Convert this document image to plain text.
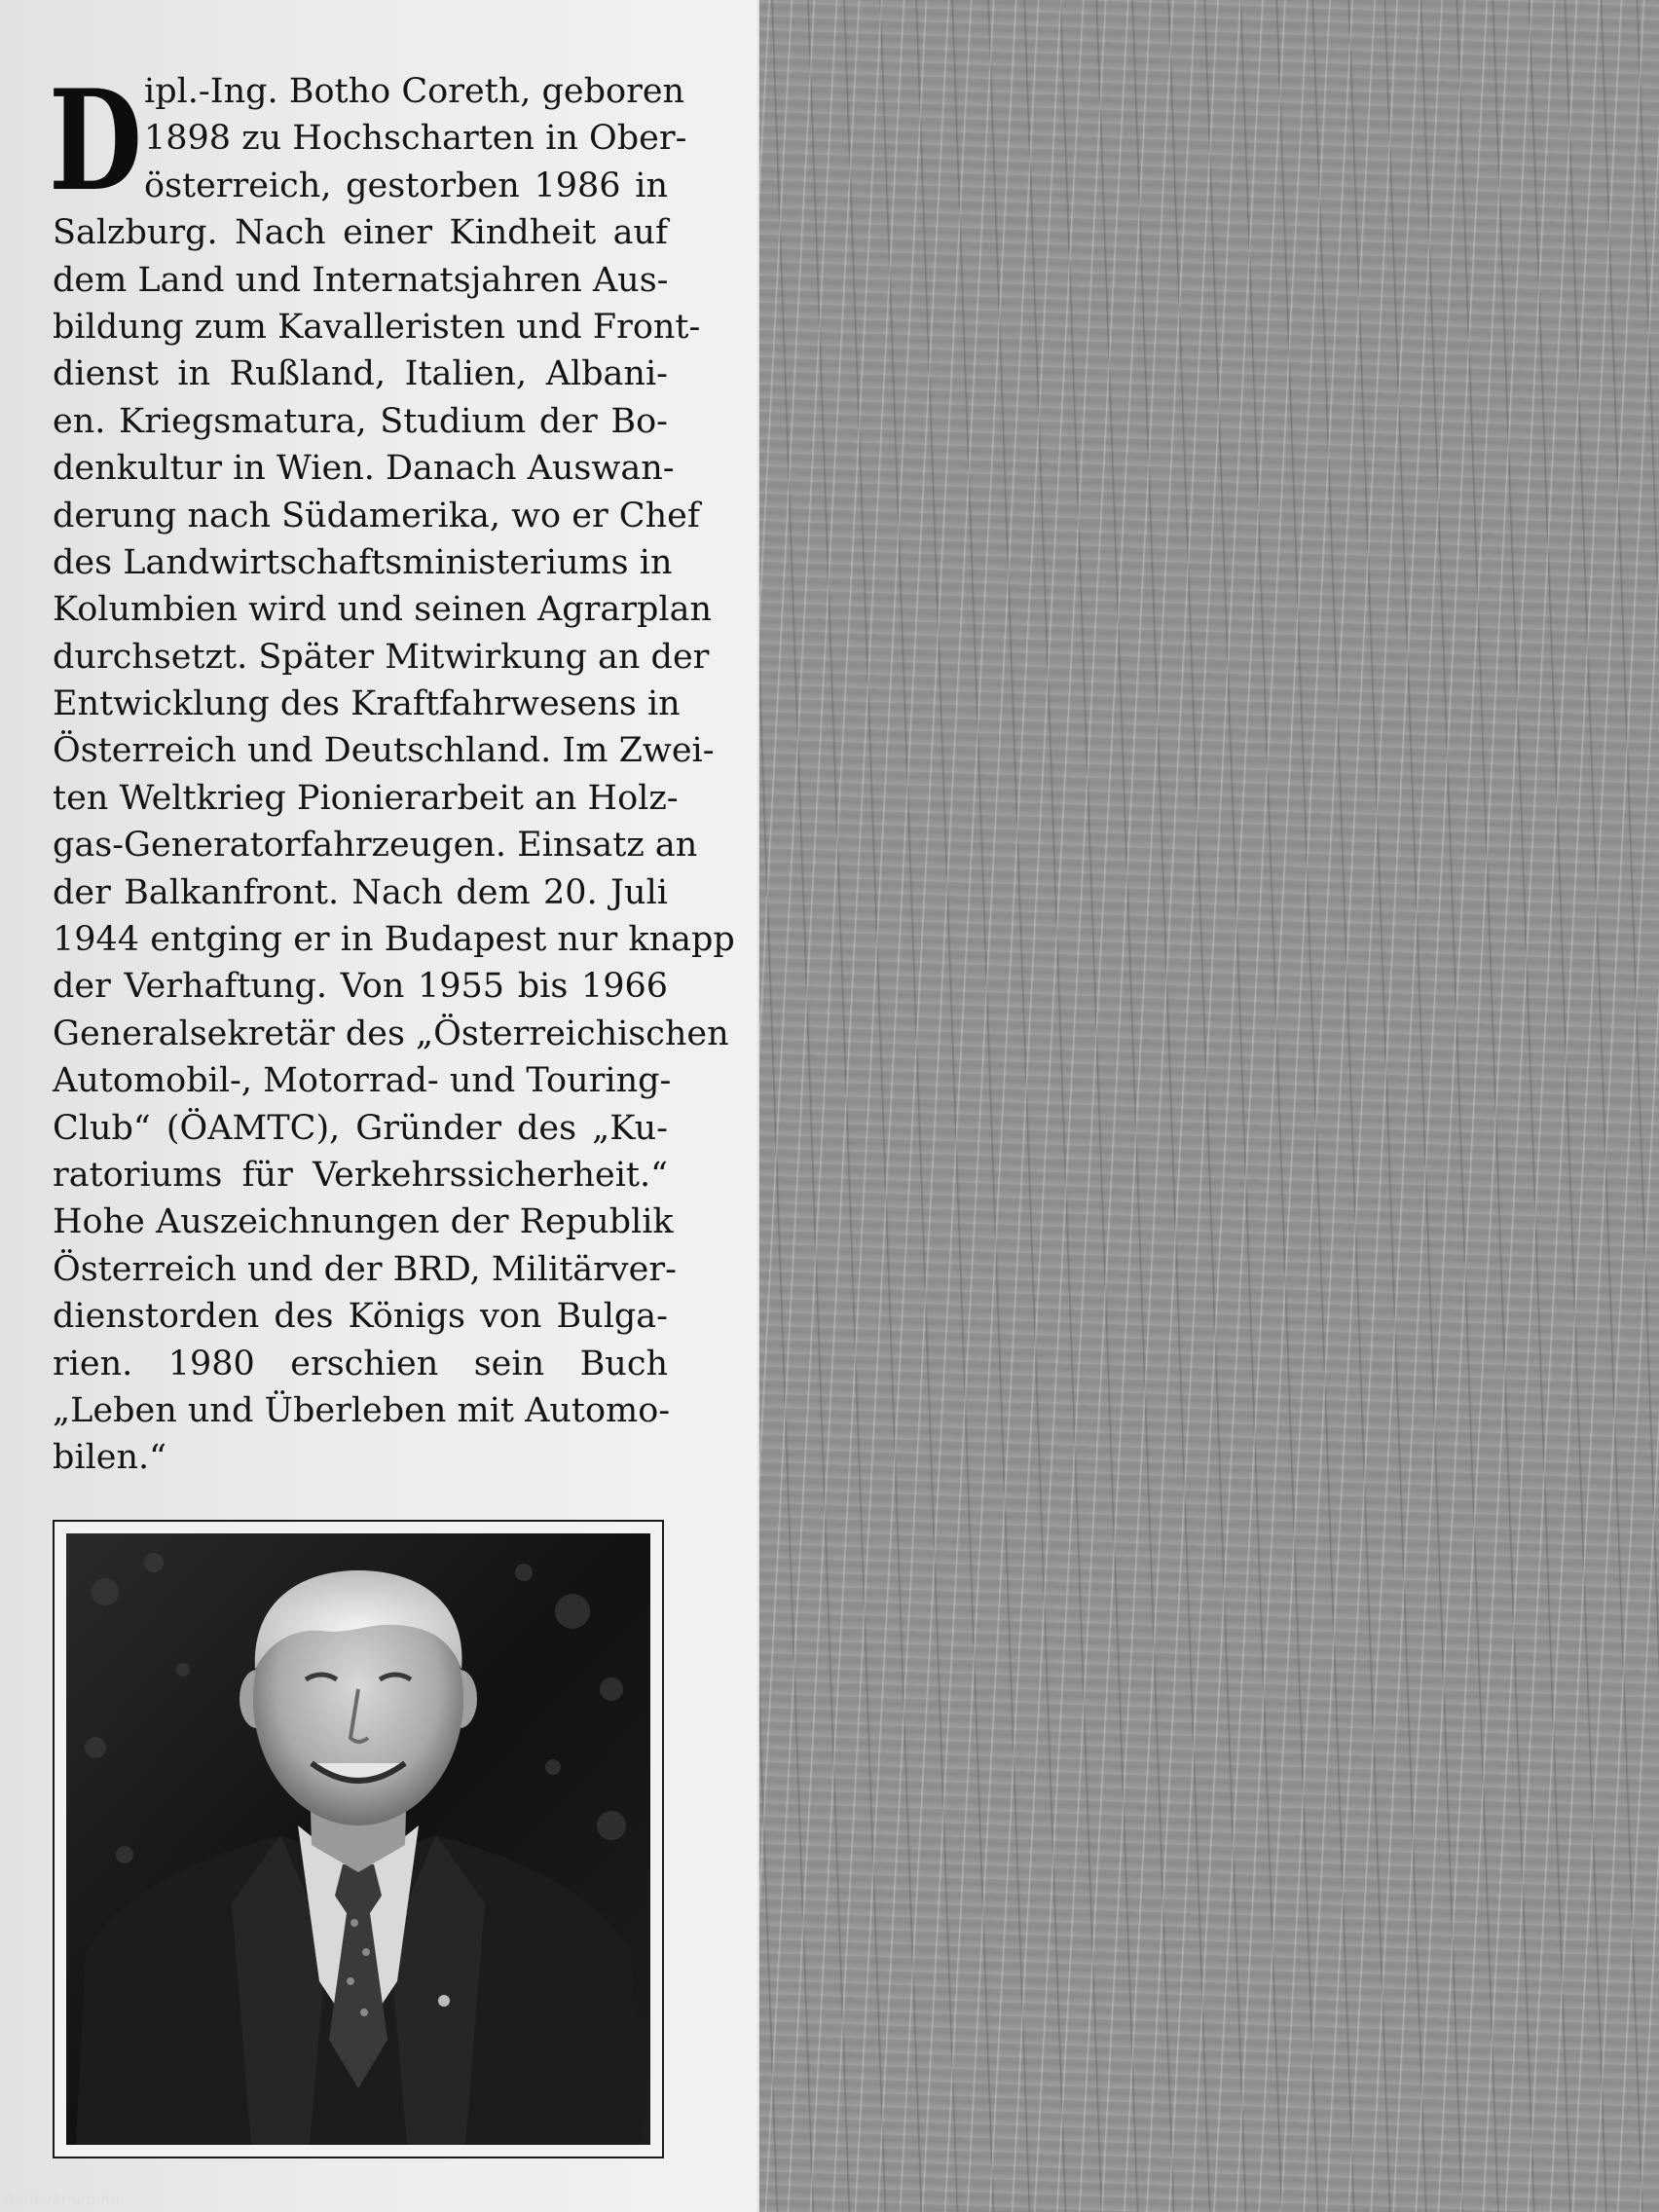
D ipl.-Ing. Botho Coreth, geboren
1898 zu Hochscharten in Ober-
österreich, gestorben 1986 in
Salzburg. Nach einer Kindheit auf
dem Land und Internatsjahren Aus-
bildung zum Kavalleristen und Front-
dienst in Rußland, Italien, Albani-
en. Kriegsmatura, Studium der Bo-
denkultur in Wien. Danach Auswan-
derung nach Südamerika, wo er Chef
des Landwirtschaftsministeriums in
Kolumbien wird und seinen Agrarplan
durchsetzt. Später Mitwirkung an der
Entwicklung des Kraftfahrwesens in
Österreich und Deutschland. Im Zwei-
ten Weltkrieg Pionierarbeit an Holz-
gas-Generatorfahrzeugen. Einsatz an
der Balkanfront. Nach dem 20. Juli
1944 entging er in Budapest nur knapp
der Verhaftung. Von 1955 bis 1966
Generalsekretär des „Österreichischen
Automobil-, Motorrad- und Touring-
Club“ (ÖAMTC), Gründer des „Ku-
ratoriums für Verkehrssicherheit.“
Hohe Auszeichnungen der Republik
Österreich und der BRD, Militärver-
dienstorden des Königs von Bulga-
rien. 1980 erschien sein Buch
„Leben und Überleben mit Automo-
bilen.“
Antikvárium.hu
